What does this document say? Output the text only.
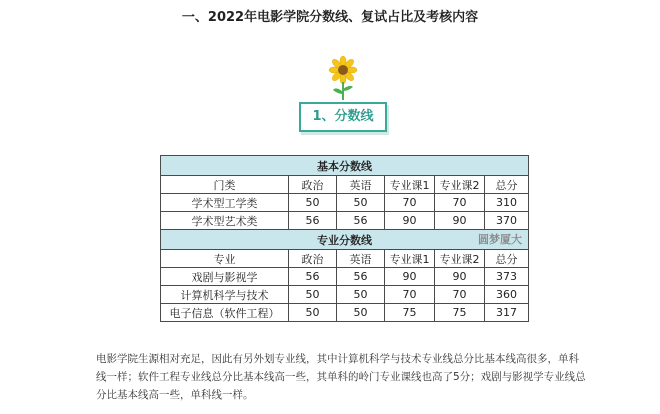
一、2022年电影学院分数线、复试占比及考核内容
1、分数线
基本分数线					
门类	政治	英语	专业课1	专业课2	总分
学术型工学类	50	50	70	70	310
学术型艺术类	56	56	90	90	370
专业分数线 圆梦厦大					

专业	政治	英语	专业课1	专业课2	总分
戏剧与影视学	56	56	90	90	373
计算机科学与技术	50	50	70	70	360
电子信息（软件工程）	50	50	75	75	317
电影学院生源相对充足，因此有另外划专业线，其中计算机科学与技术专业线总分比基本线高很多，单科线一样；软件工程专业线总分比基本线高一些，其单科的岭门专业课线也高了5分；戏剧与影视学专业线总分比基本线高一些，单科线一样。
